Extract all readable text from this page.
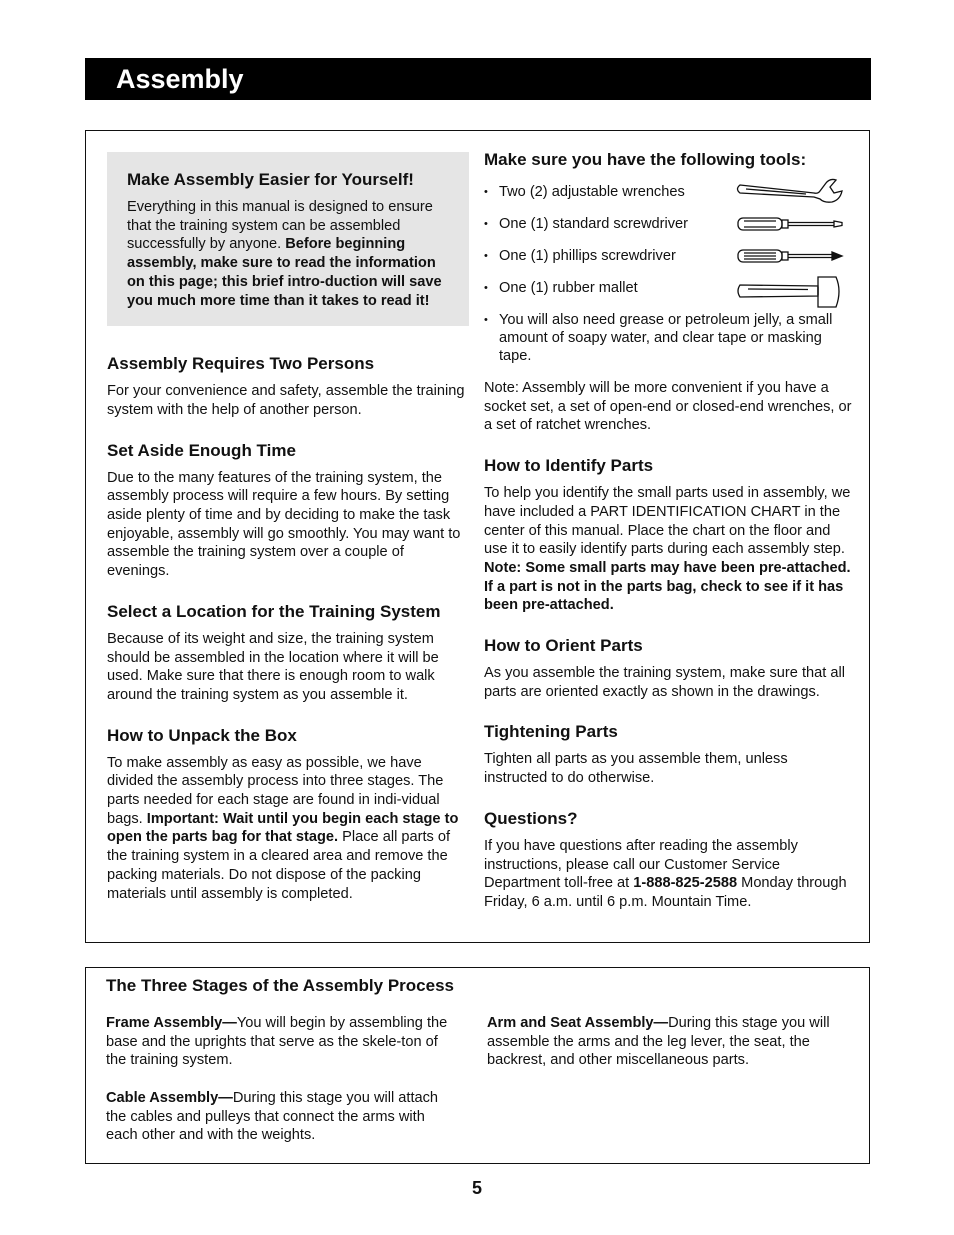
Assembly
Make Assembly Easier for Yourself!
Everything in this manual is designed to ensure that the training system can be assembled successfully by anyone. Before beginning assembly, make sure to read the information on this page; this brief intro-duction will save you much more time than it takes to read it!
Assembly Requires Two Persons
For your convenience and safety, assemble the training system with the help of another person.
Set Aside Enough Time
Due to the many features of the training system, the assembly process will require a few hours. By setting aside plenty of time and by deciding to make the task enjoyable, assembly will go smoothly. You may want to assemble the training system over a couple of evenings.
Select a Location for the Training System
Because of its weight and size, the training system should be assembled in the location where it will be used. Make sure that there is enough room to walk around the training system as you assemble it.
How to Unpack the Box
To make assembly as easy as possible, we have divided the assembly process into three stages. The parts needed for each stage are found in indi-vidual bags. Important: Wait until you begin each stage to open the parts bag for that stage. Place all parts of the training system in a cleared area and remove the packing materials. Do not dispose of the packing materials until assembly is completed.
Make sure you have the following tools:
• Two (2) adjustable wrenches
• One (1) standard screwdriver
• One (1) phillips screwdriver
• One (1) rubber mallet
• You will also need grease or petroleum jelly, a small amount of soapy water, and clear tape or masking tape.

Note: Assembly will be more convenient if you have a socket set, a set of open-end or closed-end wrenches, or a set of ratchet wrenches.

How to Identify Parts
To help you identify the small parts used in assembly, we have included a PART IDENTIFICATION CHART in the center of this manual. Place the chart on the floor and use it to easily identify parts during each assembly step. Note: Some small parts may have been pre-attached. If a part is not in the parts bag, check to see if it has been pre-attached.
How to Orient Parts
As you assemble the training system, make sure that all parts are oriented exactly as shown in the drawings.
Tightening Parts
Tighten all parts as you assemble them, unless instructed to do otherwise.
Questions?
If you have questions after reading the assembly instructions, please call our Customer Service Department toll-free at 1-888-825-2588 Monday through Friday, 6 a.m. until 6 p.m. Mountain Time.
The Three Stages of the Assembly Process
Frame Assembly—You will begin by assembling the base and the uprights that serve as the skele-ton of the training system.
Cable Assembly—During this stage you will attach the cables and pulleys that connect the arms with each other and with the weights.
Arm and Seat Assembly—During this stage you will assemble the arms and the leg lever, the seat, the backrest, and other miscellaneous parts.
5
